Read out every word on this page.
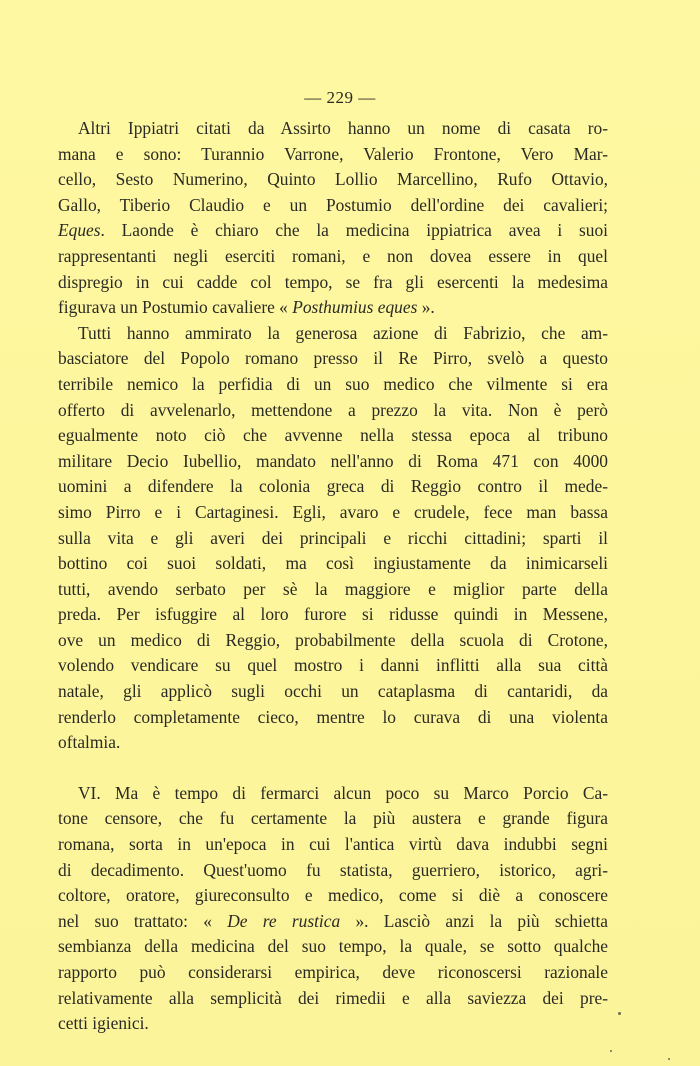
— 229 —
Altri Ippiatri citati da Assirto hanno un nome di casata ro-
mana e sono: Turannio Varrone, Valerio Frontone, Vero Mar-
cello, Sesto Numerino, Quinto Lollio Marcellino, Rufo Ottavio,
Gallo, Tiberio Claudio e un Postumio dell'ordine dei cavalieri;
Eques. Laonde è chiaro che la medicina ippiatrica avea i suoi
rappresentanti negli eserciti romani, e non dovea essere in quel
dispregio in cui cadde col tempo, se fra gli esercenti la medesima
figurava un Postumio cavaliere « Posthumius eques ».
Tutti hanno ammirato la generosa azione di Fabrizio, che am-
basciatore del Popolo romano presso il Re Pirro, svelò a questo
terribile nemico la perfidia di un suo medico che vilmente si era
offerto di avvelenarlo, mettendone a prezzo la vita. Non è però
egualmente noto ciò che avvenne nella stessa epoca al tribuno
militare Decio Iubellio, mandato nell'anno di Roma 471 con 4000
uomini a difendere la colonia greca di Reggio contro il mede-
simo Pirro e i Cartaginesi. Egli, avaro e crudele, fece man bassa
sulla vita e gli averi dei principali e ricchi cittadini; sparti il
bottino coi suoi soldati, ma così ingiustamente da inimicarseli
tutti, avendo serbato per sè la maggiore e miglior parte della
preda. Per isfuggire al loro furore si ridusse quindi in Messene,
ove un medico di Reggio, probabilmente della scuola di Crotone,
volendo vendicare su quel mostro i danni inflitti alla sua città
natale, gli applicò sugli occhi un cataplasma di cantaridi, da
renderlo completamente cieco, mentre lo curava di una violenta
oftalmia.
VI. Ma è tempo di fermarci alcun poco su Marco Porcio Ca-
tone censore, che fu certamente la più austera e grande figura
romana, sorta in un'epoca in cui l'antica virtù dava indubbi segni
di decadimento. Quest'uomo fu statista, guerriero, istorico, agri-
coltore, oratore, giureconsulto e medico, come si diè a conoscere
nel suo trattato: « De re rustica ». Lasciò anzi la più schietta
sembianza della medicina del suo tempo, la quale, se sotto qualche
rapporto può considerarsi empirica, deve riconoscersi razionale
relativamente alla semplicità dei rimedii e alla saviezza dei pre-
cetti igienici.
